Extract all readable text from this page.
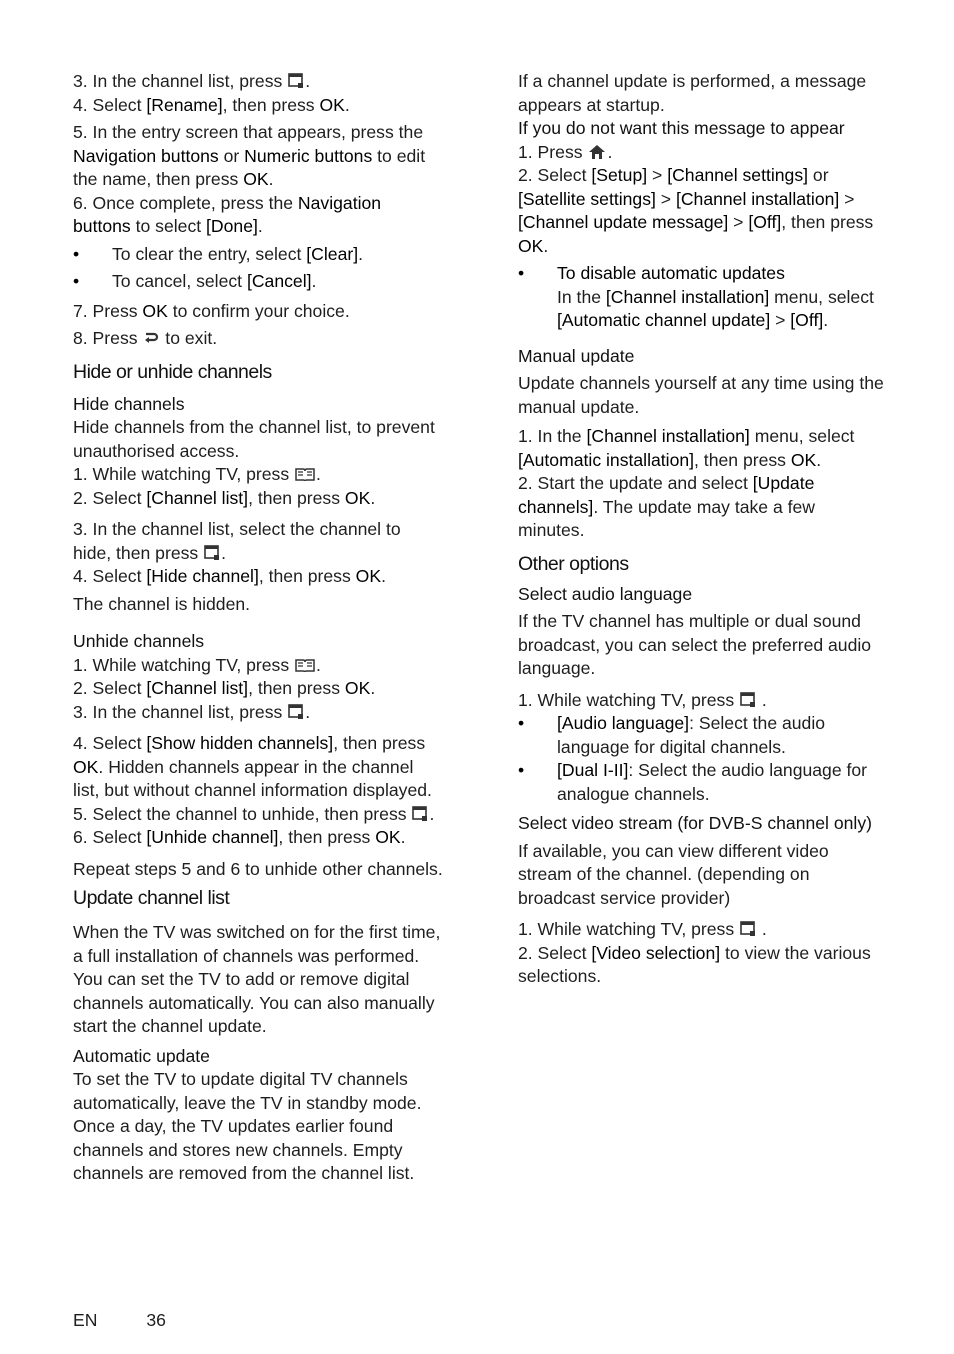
3. In the channel list, press .

4. Select [Rename], then press OK.

5. In the entry screen that appears, press the Navigation buttons or Numeric buttons to edit the name, then press OK.

6. Once complete, press the Navigation buttons to select [Done].

• To clear the entry, select [Clear].
• To cancel, select [Cancel].

7. Press OK to confirm your choice.

8. Press  to exit.

Hide or unhide channels

Hide channels

Hide channels from the channel list, to prevent unauthorised access.

1. While watching TV, press .

2. Select [Channel list], then press OK.

3. In the channel list, select the channel to hide, then press .

4. Select [Hide channel], then press OK.

The channel is hidden.

Unhide channels

1. While watching TV, press .

2. Select [Channel list], then press OK.

3. In the channel list, press .

4. Select [Show hidden channels], then press OK. Hidden channels appear in the channel list, but without channel information displayed.

5. Select the channel to unhide, then press .

6. Select [Unhide channel], then press OK.

Repeat steps 5 and 6 to unhide other channels.

Update channel list

When the TV was switched on for the first time, a full installation of channels was performed.

You can set the TV to add or remove digital channels automatically. You can also manually start the channel update.

Automatic update

To set the TV to update digital TV channels automatically, leave the TV in standby mode. Once a day, the TV updates earlier found channels and stores new channels. Empty channels are removed from the channel list.

If a channel update is performed, a message appears at startup.

If you do not want this message to appear

1. Press .

2. Select [Setup] > [Channel settings] or [Satellite settings] > [Channel installation] > [Channel update message] > [Off], then press OK.

• To disable automatic updates
In the [Channel installation] menu, select [Automatic channel update] > [Off].

Manual update

Update channels yourself at any time using the manual update.

1. In the [Channel installation] menu, select [Automatic installation], then press OK.

2. Start the update and select [Update channels]. The update may take a few minutes.

Other options

Select audio language

If the TV channel has multiple or dual sound broadcast, you can select the preferred audio language.

1. While watching TV, press  .

• [Audio language]: Select the audio language for digital channels.
• [Dual I-II]: Select the audio language for analogue channels.

Select video stream (for DVB-S channel only)

If available, you can view different video stream of the channel. (depending on broadcast service provider)

1. While watching TV, press  .

2. Select [Video selection] to view the various selections.

EN	36
